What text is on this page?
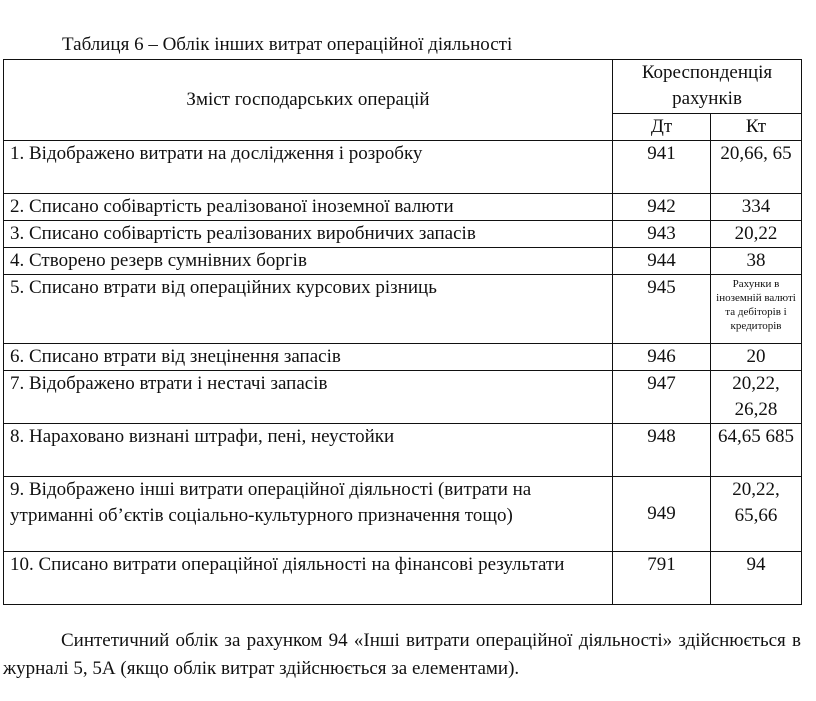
Таблиця 6 – Облік інших витрат операційної діяльності
Зміст господарських операцій	Кореспонденція рахунків	
	Дт	Кт
1. Відображено витрати на дослідження і розробку	941	20,66, 65
2. Списано собівартість реалізованої іноземної валюти	942	334
3. Списано собівартість реалізованих виробничих запасів	943	20,22
4. Створено резерв сумнівних боргів	944	38
5. Списано втрати від операційних курсових різниць	945	Рахунки в іноземній валюті та дебіторів і кредиторів
6. Списано втрати від знецінення запасів	946	20
7. Відображено втрати і нестачі запасів	947	20,22, 26,28
8. Нараховано визнані штрафи, пені, неустойки	948	64,65 685
9. Відображено інші витрати операційної діяльності (витрати на утриманні об’єктів соціально-культурного призначення тощо)	949	20,22, 65,66
10. Списано витрати операційної діяльності на фінансові результати	791	94
Синтетичний облік за рахунком 94 «Інші витрати операційної діяльності» здійснюється в журналі 5, 5А (якщо облік витрат здійснюється за елементами).
